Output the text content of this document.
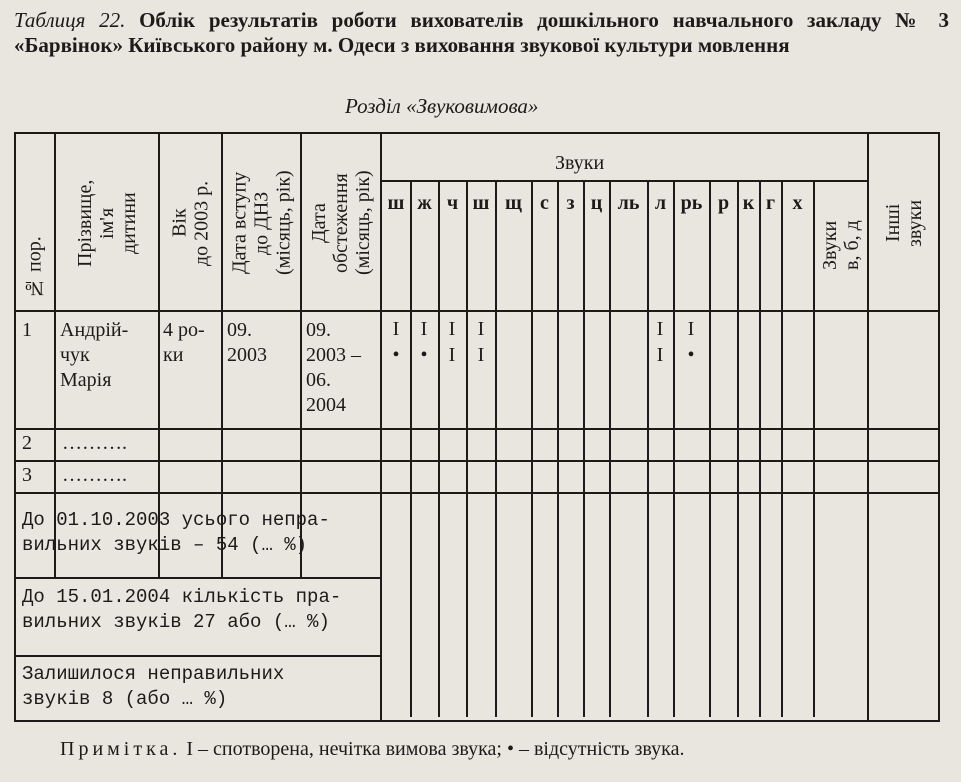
Таблиця 22. Облік результатів роботи вихователів дошкільного навчального закладу № 3 «Барвінок» Київського району м. Одеси з виховання звукової культури мовлення
Розділ «Звуковимова»
№ пор.
Прізвище,
ім'я
дитини	Вік
до 2003 р.
Дата вступу
до ДНЗ
(місяць, рік)
Дата
обстеження
(місяць, рік)
Звуки
в, б, д Інші
звуки
Звуки
ш ж ч ш щ с з ц ль л рь р к г х
1 Андрій-
чук
Марія
4 ро-
ки
09.
2003
09.
2003 –
06.
2004
I
•
I
•
I
I
I
I
I
I
I
•
2 ……….
3 ……….
До 01.10.2003 усього непра-
вильних звуків – 54 (… %)
До 15.01.2004 кількість пра-
вильних звуків 27 або (… %)
Залишилося неправильних
звуків 8 (або … %)
Примітка. I – спотворена, нечітка вимова звука; • – відсутність звука.
